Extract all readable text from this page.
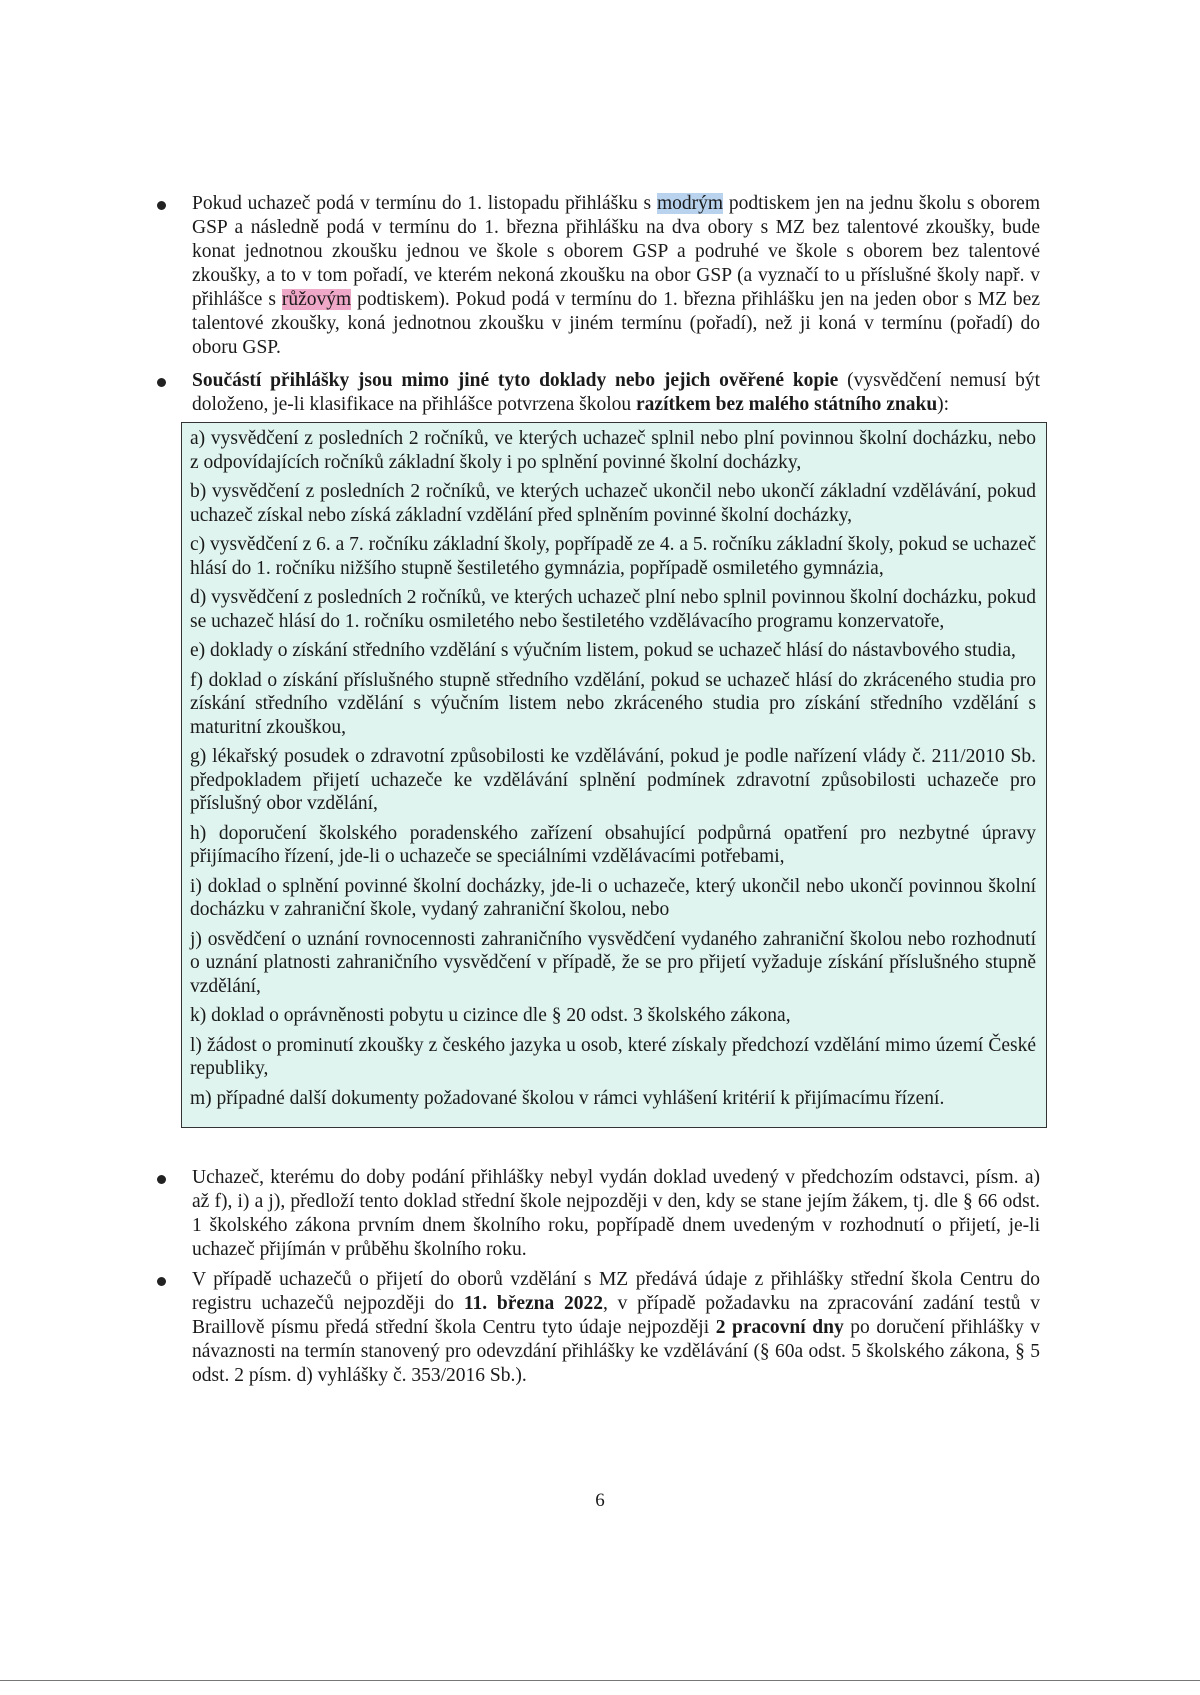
Pokud uchazeč podá v termínu do 1. listopadu přihlášku s modrým podtiskem jen na jednu školu s oborem GSP a následně podá v termínu do 1. března přihlášku na dva obory s MZ bez talentové zkoušky, bude konat jednotnou zkoušku jednou ve škole s oborem GSP a podruhé ve škole s oborem bez talentové zkoušky, a to v tom pořadí, ve kterém nekoná zkoušku na obor GSP (a vyznačí to u příslušné školy např. v přihlášce s růžovým podtiskem). Pokud podá v termínu do 1. března přihlášku jen na jeden obor s MZ bez talentové zkoušky, koná jednotnou zkoušku v jiném termínu (pořadí), než ji koná v termínu (pořadí) do oboru GSP.
Součástí přihlášky jsou mimo jiné tyto doklady nebo jejich ověřené kopie (vysvědčení nemusí být doloženo, je-li klasifikace na přihlášce potvrzena školou razítkem bez malého státního znaku):
a) vysvědčení z posledních 2 ročníků, ve kterých uchazeč splnil nebo plní povinnou školní docházku, nebo z odpovídajících ročníků základní školy i po splnění povinné školní docházky,
b) vysvědčení z posledních 2 ročníků, ve kterých uchazeč ukončil nebo ukončí základní vzdělávání, pokud uchazeč získal nebo získá základní vzdělání před splněním povinné školní docházky,
c) vysvědčení z 6. a 7. ročníku základní školy, popřípadě ze 4. a 5. ročníku základní školy, pokud se uchazeč hlásí do 1. ročníku nižšího stupně šestiletého gymnázia, popřípadě osmiletého gymnázia,
d) vysvědčení z posledních 2 ročníků, ve kterých uchazeč plní nebo splnil povinnou školní docházku, pokud se uchazeč hlásí do 1. ročníku osmiletého nebo šestiletého vzdělávacího programu konzervatoře,
e) doklady o získání středního vzdělání s výučním listem, pokud se uchazeč hlásí do nástavbového studia,
f) doklad o získání příslušného stupně středního vzdělání, pokud se uchazeč hlásí do zkráceného studia pro získání středního vzdělání s výučním listem nebo zkráceného studia pro získání středního vzdělání s maturitní zkouškou,
g) lékařský posudek o zdravotní způsobilosti ke vzdělávání, pokud je podle nařízení vlády č. 211/2010 Sb. předpokladem přijetí uchazeče ke vzdělávání splnění podmínek zdravotní způsobilosti uchazeče pro příslušný obor vzdělání,
h) doporučení školského poradenského zařízení obsahující podpůrná opatření pro nezbytné úpravy přijímacího řízení, jde-li o uchazeče se speciálními vzdělávacími potřebami,
i) doklad o splnění povinné školní docházky, jde-li o uchazeče, který ukončil nebo ukončí povinnou školní docházku v zahraniční škole, vydaný zahraniční školou, nebo
j) osvědčení o uznání rovnocennosti zahraničního vysvědčení vydaného zahraniční školou nebo rozhodnutí o uznání platnosti zahraničního vysvědčení v případě, že se pro přijetí vyžaduje získání příslušného stupně vzdělání,
k) doklad o oprávněnosti pobytu u cizince dle § 20 odst. 3 školského zákona,
l) žádost o prominutí zkoušky z českého jazyka u osob, které získaly předchozí vzdělání mimo území České republiky,
m) případné další dokumenty požadované školou v rámci vyhlášení kritérií k přijímacímu řízení.
Uchazeč, kterému do doby podání přihlášky nebyl vydán doklad uvedený v předchozím odstavci, písm. a) až f), i) a j), předloží tento doklad střední škole nejpozději v den, kdy se stane jejím žákem, tj. dle § 66 odst. 1 školského zákona prvním dnem školního roku, popřípadě dnem uvedeným v rozhodnutí o přijetí, je-li uchazeč přijímán v průběhu školního roku.
V případě uchazečů o přijetí do oborů vzdělání s MZ předává údaje z přihlášky střední škola Centru do registru uchazečů nejpozději do 11. března 2022, v případě požadavku na zpracování zadání testů v Braillově písmu předá střední škola Centru tyto údaje nejpozději 2 pracovní dny po doručení přihlášky v návaznosti na termín stanovený pro odevzdání přihlášky ke vzdělávání (§ 60a odst. 5 školského zákona, § 5 odst. 2 písm. d) vyhlášky č. 353/2016 Sb.).
6
